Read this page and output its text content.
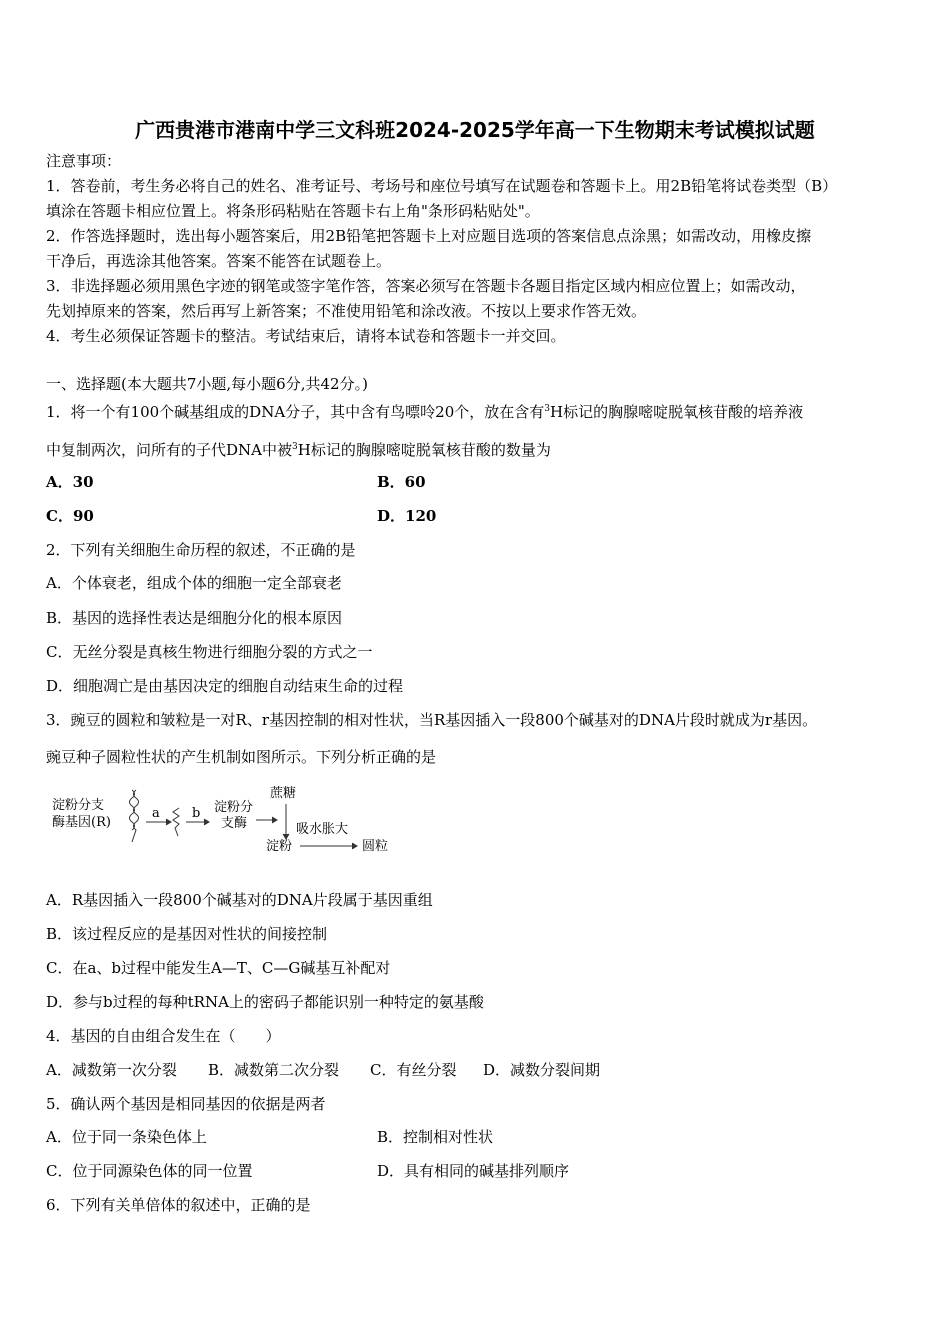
广西贵港市港南中学三文科班2024-2025学年高一下生物期末考试模拟试题
注意事项：
1．答卷前，考生务必将自己的姓名、准考证号、考场号和座位号填写在试题卷和答题卡上。用2B铅笔将试卷类型（B）
填涂在答题卡相应位置上。将条形码粘贴在答题卡右上角"条形码粘贴处"。
2．作答选择题时，选出每小题答案后，用2B铅笔把答题卡上对应题目选项的答案信息点涂黑；如需改动，用橡皮擦
干净后，再选涂其他答案。答案不能答在试题卷上。
3．非选择题必须用黑色字迹的钢笔或签字笔作答，答案必须写在答题卡各题目指定区域内相应位置上；如需改动，
先划掉原来的答案，然后再写上新答案；不准使用铅笔和涂改液。不按以上要求作答无效。
4．考生必须保证答题卡的整洁。考试结束后，请将本试卷和答题卡一并交回。
一、选择题(本大题共7小题,每小题6分,共42分。)
1．将一个有100个碱基组成的DNA分子，其中含有鸟嘌呤20个，放在含有$^3$H标记的胸腺嘧啶脱氧核苷酸的培养液
中复制两次，问所有的子代DNA中被$^3$H标记的胸腺嘧啶脱氧核苷酸的数量为
A．30	B．60
C．90	D．120
2．下列有关细胞生命历程的叙述，不正确的是
A．个体衰老，组成个体的细胞一定全部衰老
B．基因的选择性表达是细胞分化的根本原因
C．无丝分裂是真核生物进行细胞分裂的方式之一
D．细胞凋亡是由基因决定的细胞自动结束生命的过程
3．豌豆的圆粒和皱粒是一对R、r基因控制的相对性状，当R基因插入一段800个碱基对的DNA片段时就成为r基因。
豌豆种子圆粒性状的产生机制如图所示。下列分析正确的是
淀粉分支
酶基因(R)
a b 淀粉分
支酶
蔗糖
吸水胀大
淀粉	圆粒
A．R基因插入一段800个碱基对的DNA片段属于基因重组
B．该过程反应的是基因对性状的间接控制
C．在a、b过程中能发生A—T、C—G碱基互补配对
D．参与b过程的每种tRNA上的密码子都能识别一种特定的氨基酸
4．基因的自由组合发生在（　　）
A．减数第一次分裂 B．减数第二次分裂 C．有丝分裂 D．减数分裂间期
5．确认两个基因是相同基因的依据是两者
A．位于同一条染色体上	B．控制相对性状
C．位于同源染色体的同一位置	D．具有相同的碱基排列顺序
6．下列有关单倍体的叙述中，正确的是
